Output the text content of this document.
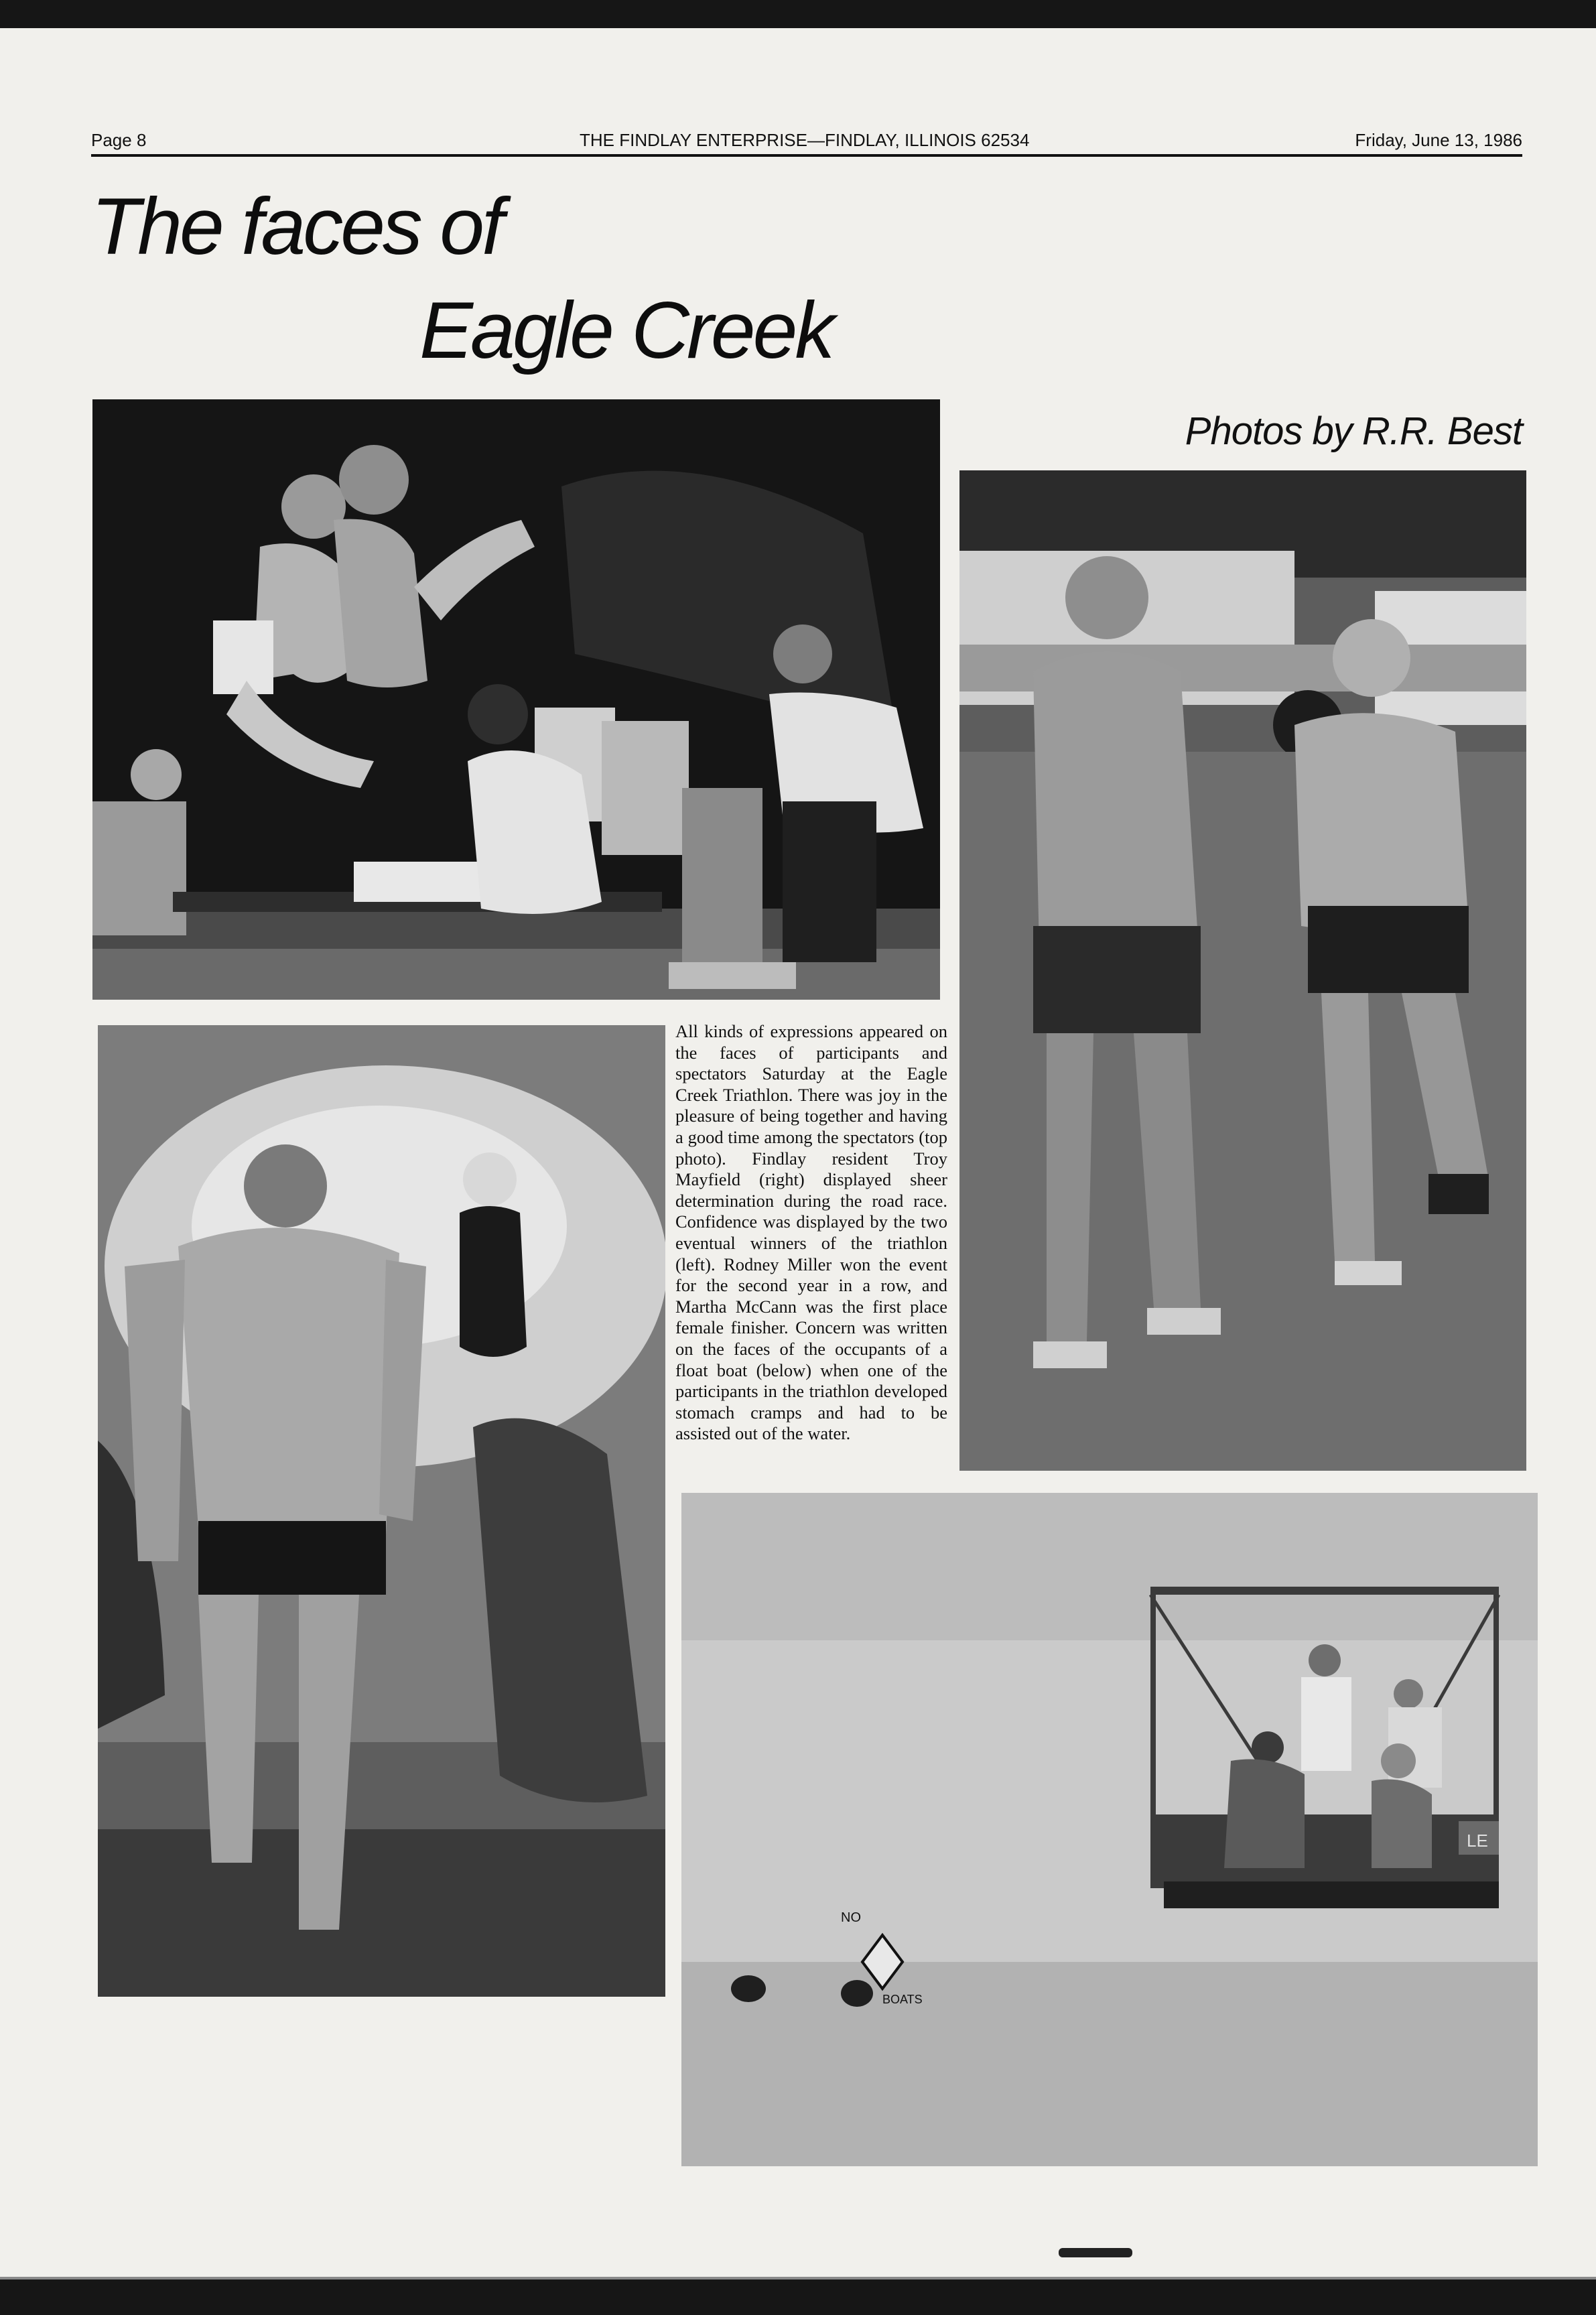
Page 8	THE FINDLAY ENTERPRISE—FINDLAY, ILLINOIS 62534	Friday, June 13, 1986
The faces of
Eagle Creek

Photos by R.R. Best

LE
NO
BOATS

All kinds of expressions appeared on the faces of participants and spectators Saturday at the Eagle Creek Triathlon. There was joy in the pleasure of being together and having a good time among the spectators (top photo). Findlay resident Troy Mayfield (right) displayed sheer determination during the road race. Confidence was displayed by the two eventual winners of the triathlon (left). Rodney Miller won the event for the second year in a row, and Martha McCann was the first place female finisher. Concern was written on the faces of the occupants of a float boat (below) when one of the participants in the triathlon developed stomach cramps and had to be assisted out of the water.
